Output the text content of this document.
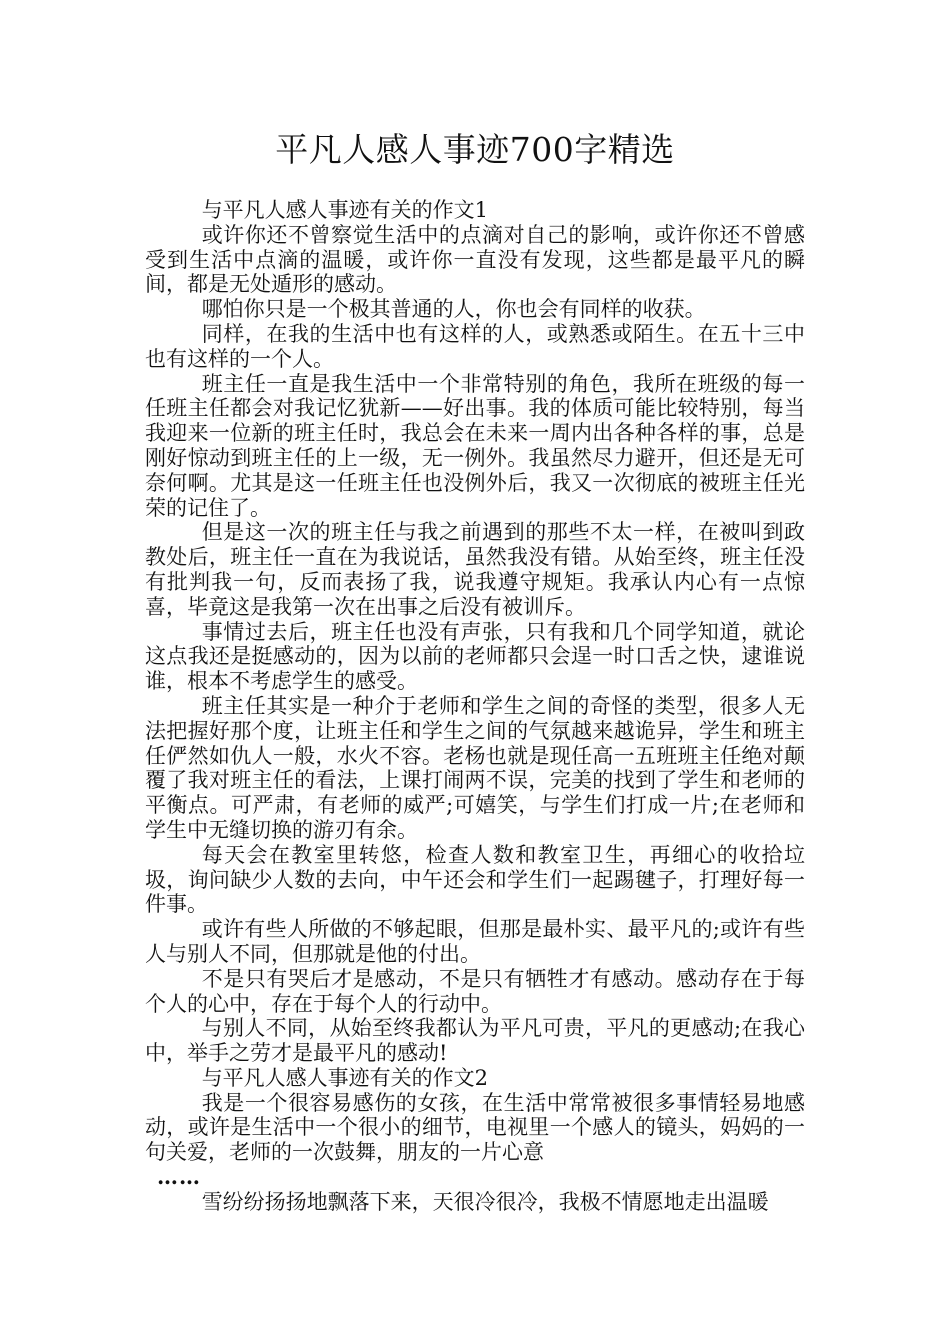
平凡人感人事迹700字精选

与平凡人感人事迹有关的作文1

或许你还不曾察觉生活中的点滴对自己的影响，或许你还不曾感受到生活中点滴的温暖，或许你一直没有发现，这些都是最平凡的瞬间，都是无处遁形的感动。

哪怕你只是一个极其普通的人，你也会有同样的收获。

同样，在我的生活中也有这样的人，或熟悉或陌生。在五十三中也有这样的一个人。

班主任一直是我生活中一个非常特别的角色，我所在班级的每一任班主任都会对我记忆犹新——好出事。我的体质可能比较特别，每当我迎来一位新的班主任时，我总会在未来一周内出各种各样的事，总是刚好惊动到班主任的上一级，无一例外。我虽然尽力避开，但还是无可奈何啊。尤其是这一任班主任也没例外后，我又一次彻底的被班主任光荣的记住了。

但是这一次的班主任与我之前遇到的那些不太一样，在被叫到政教处后，班主任一直在为我说话，虽然我没有错。从始至终，班主任没有批判我一句，反而表扬了我，说我遵守规矩。我承认内心有一点惊喜，毕竟这是我第一次在出事之后没有被训斥。

事情过去后，班主任也没有声张，只有我和几个同学知道，就论这点我还是挺感动的，因为以前的老师都只会逞一时口舌之快，逮谁说谁，根本不考虑学生的感受。

班主任其实是一种介于老师和学生之间的奇怪的类型，很多人无法把握好那个度，让班主任和学生之间的气氛越来越诡异，学生和班主任俨然如仇人一般，水火不容。老杨也就是现任高一五班班主任绝对颠覆了我对班主任的看法，上课打闹两不误，完美的找到了学生和老师的平衡点。可严肃，有老师的威严;可嬉笑，与学生们打成一片;在老师和学生中无缝切换的游刃有余。

每天会在教室里转悠，检查人数和教室卫生，再细心的收拾垃圾，询问缺少人数的去向，中午还会和学生们一起踢毽子，打理好每一件事。

或许有些人所做的不够起眼，但那是最朴实、最平凡的;或许有些人与别人不同，但那就是他的付出。

不是只有哭后才是感动，不是只有牺牲才有感动。感动存在于每个人的心中，存在于每个人的行动中。

与别人不同，从始至终我都认为平凡可贵，平凡的更感动;在我心中，举手之劳才是最平凡的感动!

与平凡人感人事迹有关的作文2

我是一个很容易感伤的女孩，在生活中常常被很多事情轻易地感动，或许是生活中一个很小的细节，电视里一个感人的镜头，妈妈的一句关爱，老师的一次鼓舞，朋友的一片心意

……

雪纷纷扬扬地飘落下来，天很冷很冷，我极不情愿地走出温暖
